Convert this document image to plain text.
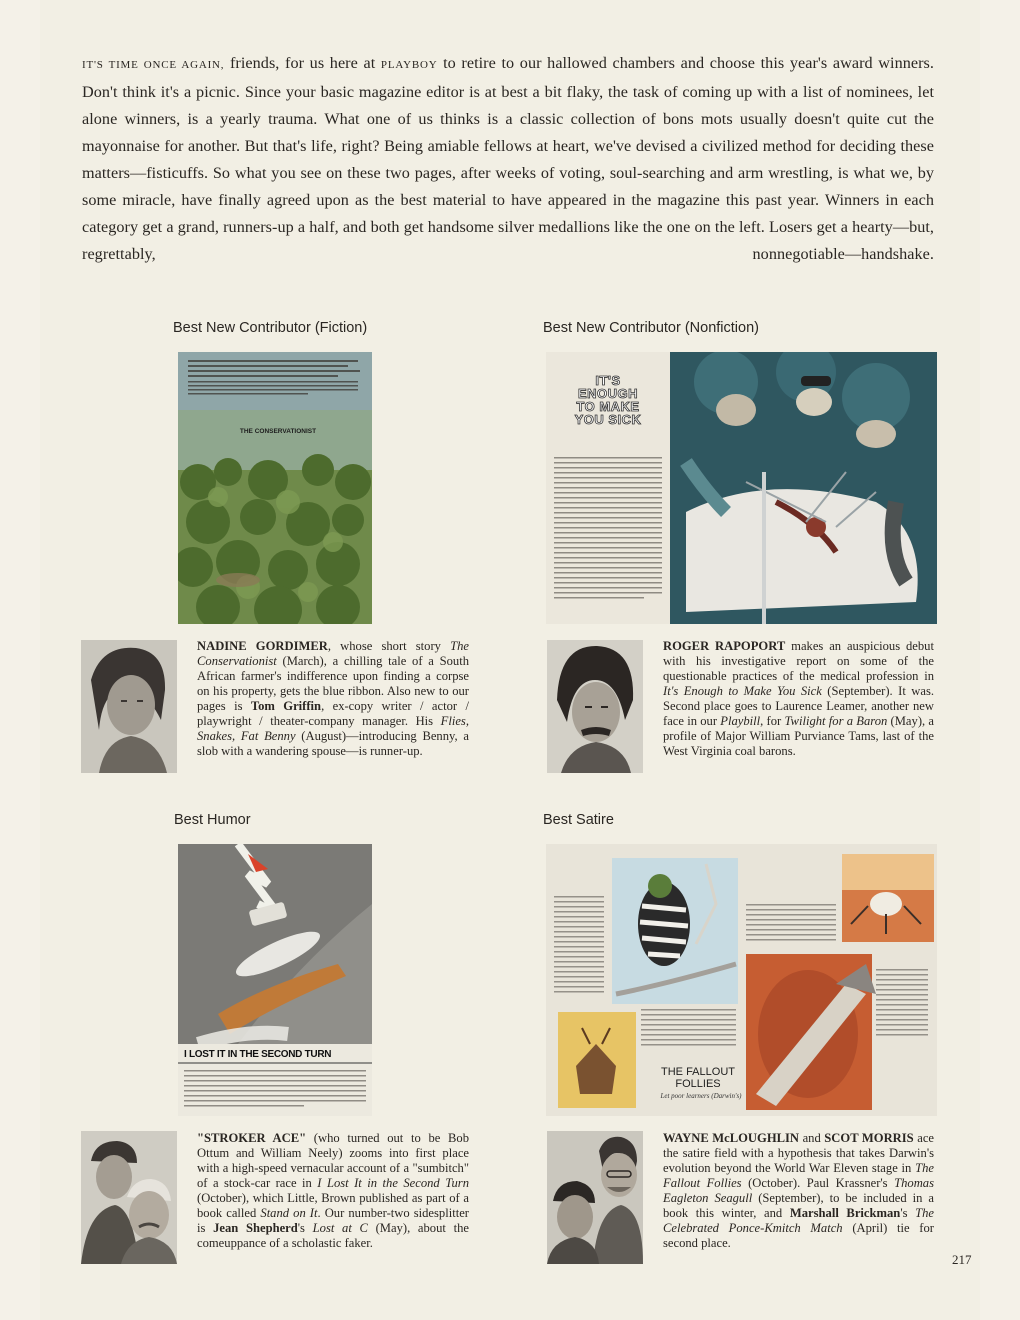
IT'S TIME ONCE AGAIN, friends, for us here at PLAYBOY to retire to our hallowed chambers and choose this year's award winners. Don't think it's a picnic. Since your basic magazine editor is at best a bit flaky, the task of coming up with a list of nominees, let alone winners, is a yearly trauma. What one of us thinks is a classic collection of bons mots usually doesn't quite cut the mayonnaise for another. But that's life, right? Being amiable fellows at heart, we've devised a civilized method for deciding these matters—fisticuffs. So what you see on these two pages, after weeks of voting, soul-searching and arm wrestling, is what we, by some miracle, have finally agreed upon as the best material to have appeared in the magazine this past year. Winners in each category get a grand, runners-up a half, and both get handsome silver medallions like the one on the left. Losers get a hearty—but, regrettably, nonnegotiable—handshake.
Best New Contributor (Fiction)
THE CONSERVATIONIST
NADINE GORDIMER, whose short story The Conservationist (March), a chilling tale of a South African farmer's indifference upon finding a corpse on his property, gets the blue ribbon. Also new to our pages is Tom Griffin, ex-copy writer / actor / playwright / theater-company manager. His Flies, Snakes, Fat Benny (August)—introducing Benny, a slob with a wandering spouse—is runner-up.
Best New Contributor (Nonfiction)
IT'S ENOUGH TO MAKE YOU SICK
ROGER RAPOPORT makes an auspicious debut with his investigative report on some of the questionable practices of the medical profession in It's Enough to Make You Sick (September). It was. Second place goes to Laurence Leamer, another new face in our Playbill, for Twilight for a Baron (May), a profile of Major William Purviance Tams, last of the West Virginia coal barons.
Best Humor
I LOST IT IN THE SECOND TURN
"STROKER ACE" (who turned out to be Bob Ottum and William Neely) zooms into first place with a high-speed vernacular account of a "sumbitch" of a stock-car race in I Lost It in the Second Turn (October), which Little, Brown published as part of a book called Stand on It. Our number-two sidesplitter is Jean Shepherd's Lost at C (May), about the comeuppance of a scholastic faker.
Best Satire
THE FALLOUT FOLLIES
Let poor learners (Darwin's)
WAYNE McLOUGHLIN and SCOT MORRIS ace the satire field with a hypothesis that takes Darwin's evolution beyond the World War Eleven stage in The Fallout Follies (October). Paul Krassner's Thomas Eagleton Seagull (September), to be included in a book this winter, and Marshall Brickman's The Celebrated Ponce-Kmitch Match (April) tie for second place.
217
